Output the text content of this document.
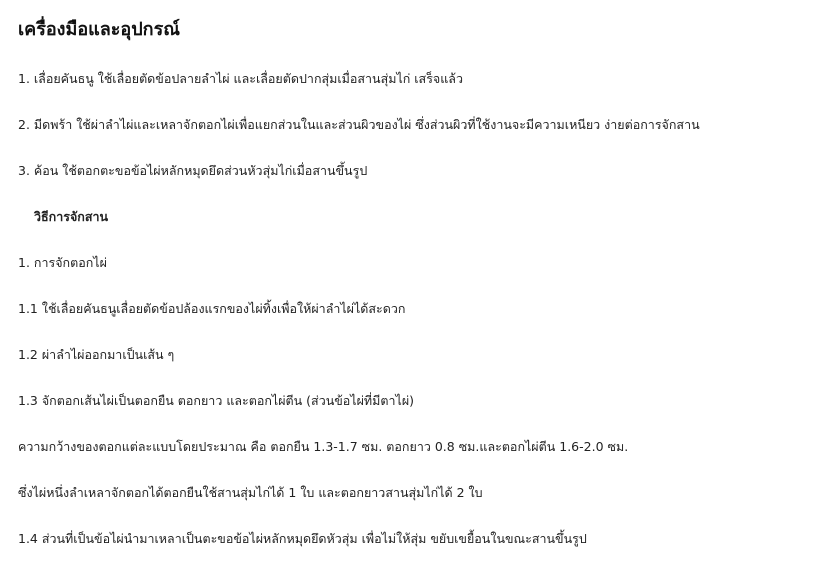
เครื่องมือและอุปกรณ์
1. เลื่อยคันธนู ใช้เลื่อยตัดข้อปลายลำไผ่ และเลื่อยตัดปากสุ่มเมื่อสานสุ่มไก่ เสร็จแล้ว
2. มีดพร้า ใช้ผ่าลำไผ่และเหลาจักตอกไผ่เพื่อแยกส่วนในและส่วนผิวของไผ่ ซึ่งส่วนผิวที่ใช้งานจะมีความเหนียว ง่ายต่อการจักสาน
3. ค้อน ใช้ตอกตะขอข้อไผ่หลักหมุดยึดส่วนหัวสุ่มไก่เมื่อสานขึ้นรูป
วิธีการจักสาน
1. การจักตอกไผ่
1.1 ใช้เลื่อยคันธนูเลื่อยตัดข้อปล้องแรกของไผ่ทิ้งเพื่อให้ผ่าลำไผ่ได้สะดวก
1.2 ผ่าลำไผ่ออกมาเป็นเส้น ๆ
1.3 จักตอกเส้นไผ่เป็นตอกยืน ตอกยาว และตอกไผ่ตีน (ส่วนข้อไผ่ที่มีตาไผ่)
ความกว้างของตอกแต่ละแบบโดยประมาณ คือ ตอกยืน 1.3-1.7 ซม. ตอกยาว 0.8 ซม.และตอกไผ่ตีน 1.6-2.0 ซม.
ซึ่งไผ่หนึ่งลำเหลาจักตอกได้ตอกยืนใช้สานสุ่มไก่ได้ 1 ใบ และตอกยาวสานสุ่มไก่ได้ 2 ใบ
1.4 ส่วนที่เป็นข้อไผ่นำมาเหลาเป็นตะขอข้อไผ่หลักหมุดยึดหัวสุ่ม เพื่อไม่ให้สุ่ม ขยับเขยื้อนในขณะสานขึ้นรูป
